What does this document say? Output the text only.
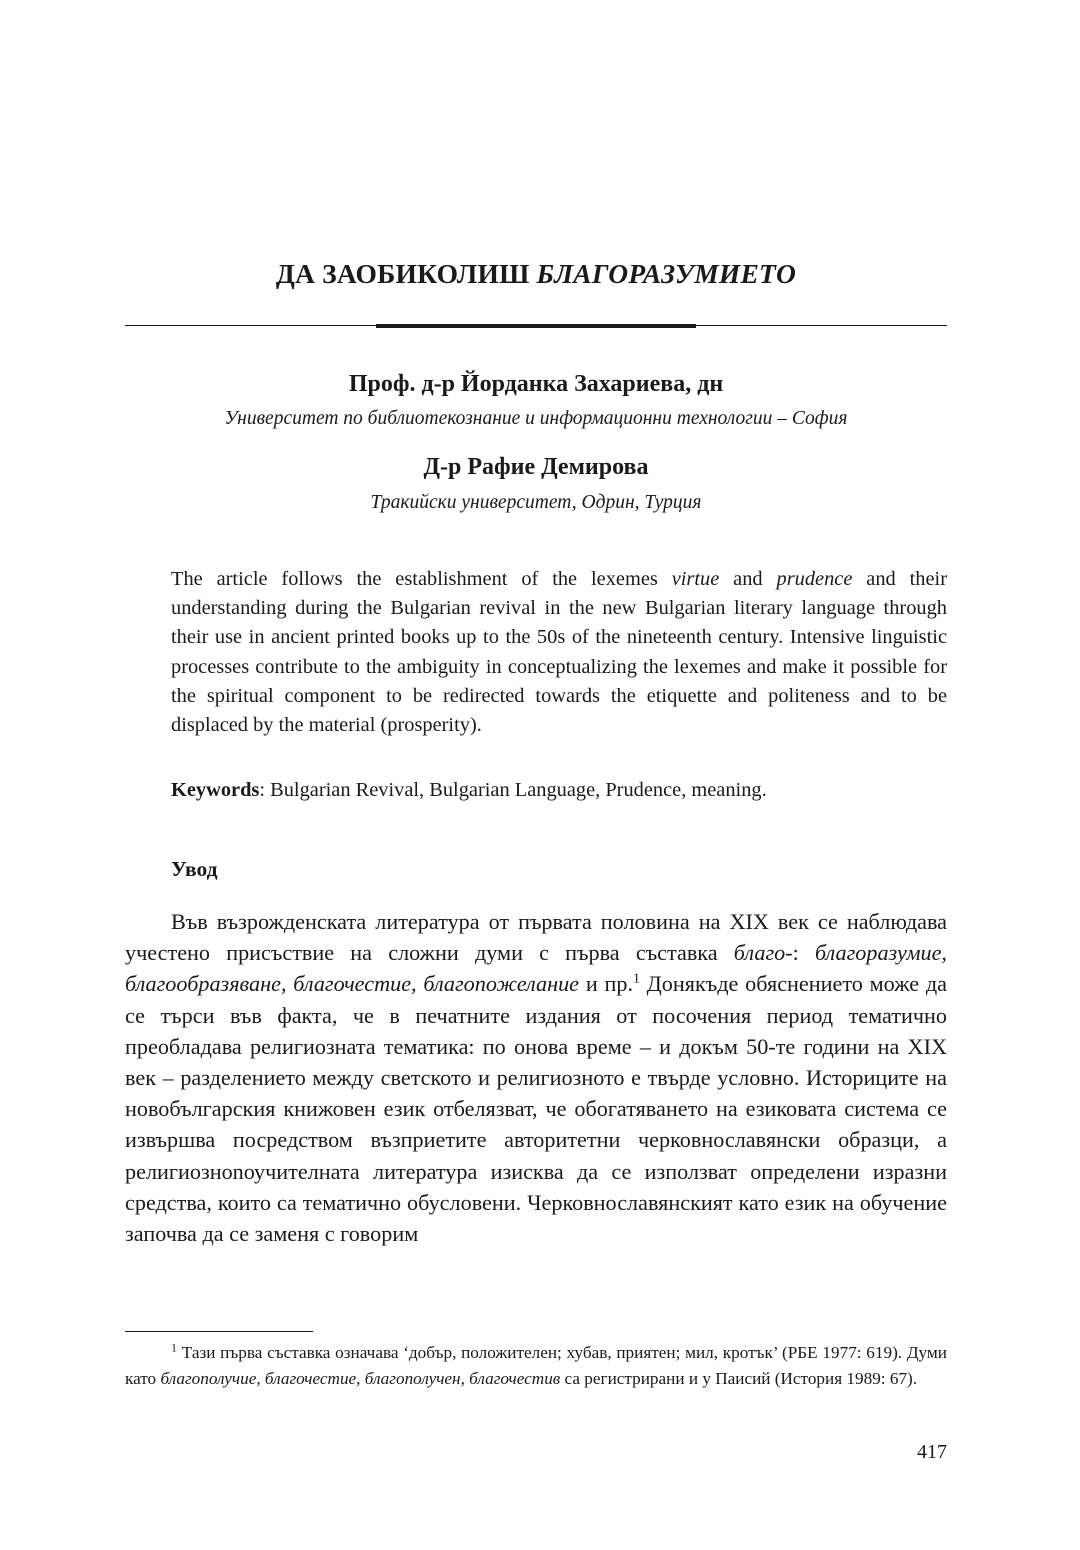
ДА ЗАОБИКОЛИШ БЛАГОРАЗУМИЕТО

Проф. д-р Йорданка Захариева, дн

Университет по библиотекознание и информационни технологии – София

Д-р Рафие Демирова

Тракийски университет, Одрин, Турция

The article follows the establishment of the lexemes virtue and prudence and their understanding during the Bulgarian revival in the new Bulgarian literary language through their use in ancient printed books up to the 50s of the nineteenth century. Intensive linguistic processes contribute to the ambiguity in conceptualizing the lexemes and make it possible for the spiritual component to be redirected towards the etiquette and politeness and to be displaced by the material (prosperity).

Keywords: Bulgarian Revival, Bulgarian Language, Prudence, meaning.

Увод

Във възрожденската литература от първата половина на XIX век се наблюдава учестено присъствие на сложни думи с първа съставка благо-: благоразумие, благообразяване, благочестие, благопожелание и пр.$^1$ Донякъде обяснението може да се търси във факта, че в печатните издания от посочения период тематично преобладава религиозната тематика: по онова време – и докъм 50-те години на XIX век – разделението между светското и религиозното е твърде условно. Историците на новобългарския книжовен език отбелязват, че обогатяването на езиковата система се извършва посредством възприетите авторитетни черковнославянски образци, а религиозноnоучителната литература изисква да се използват определени изразни средства, които са тематично обусловени. Черковнославянският като език на обучение започва да се заменя с говорим

$^1$ Тази първа съставка означава ‘добър, положителен; хубав, приятен; мил, кротък’ (РБЕ 1977: 619). Думи като благополучие, благочестие, благополучен, благочестив са регистрирани и у Паисий (История 1989: 67).

417
